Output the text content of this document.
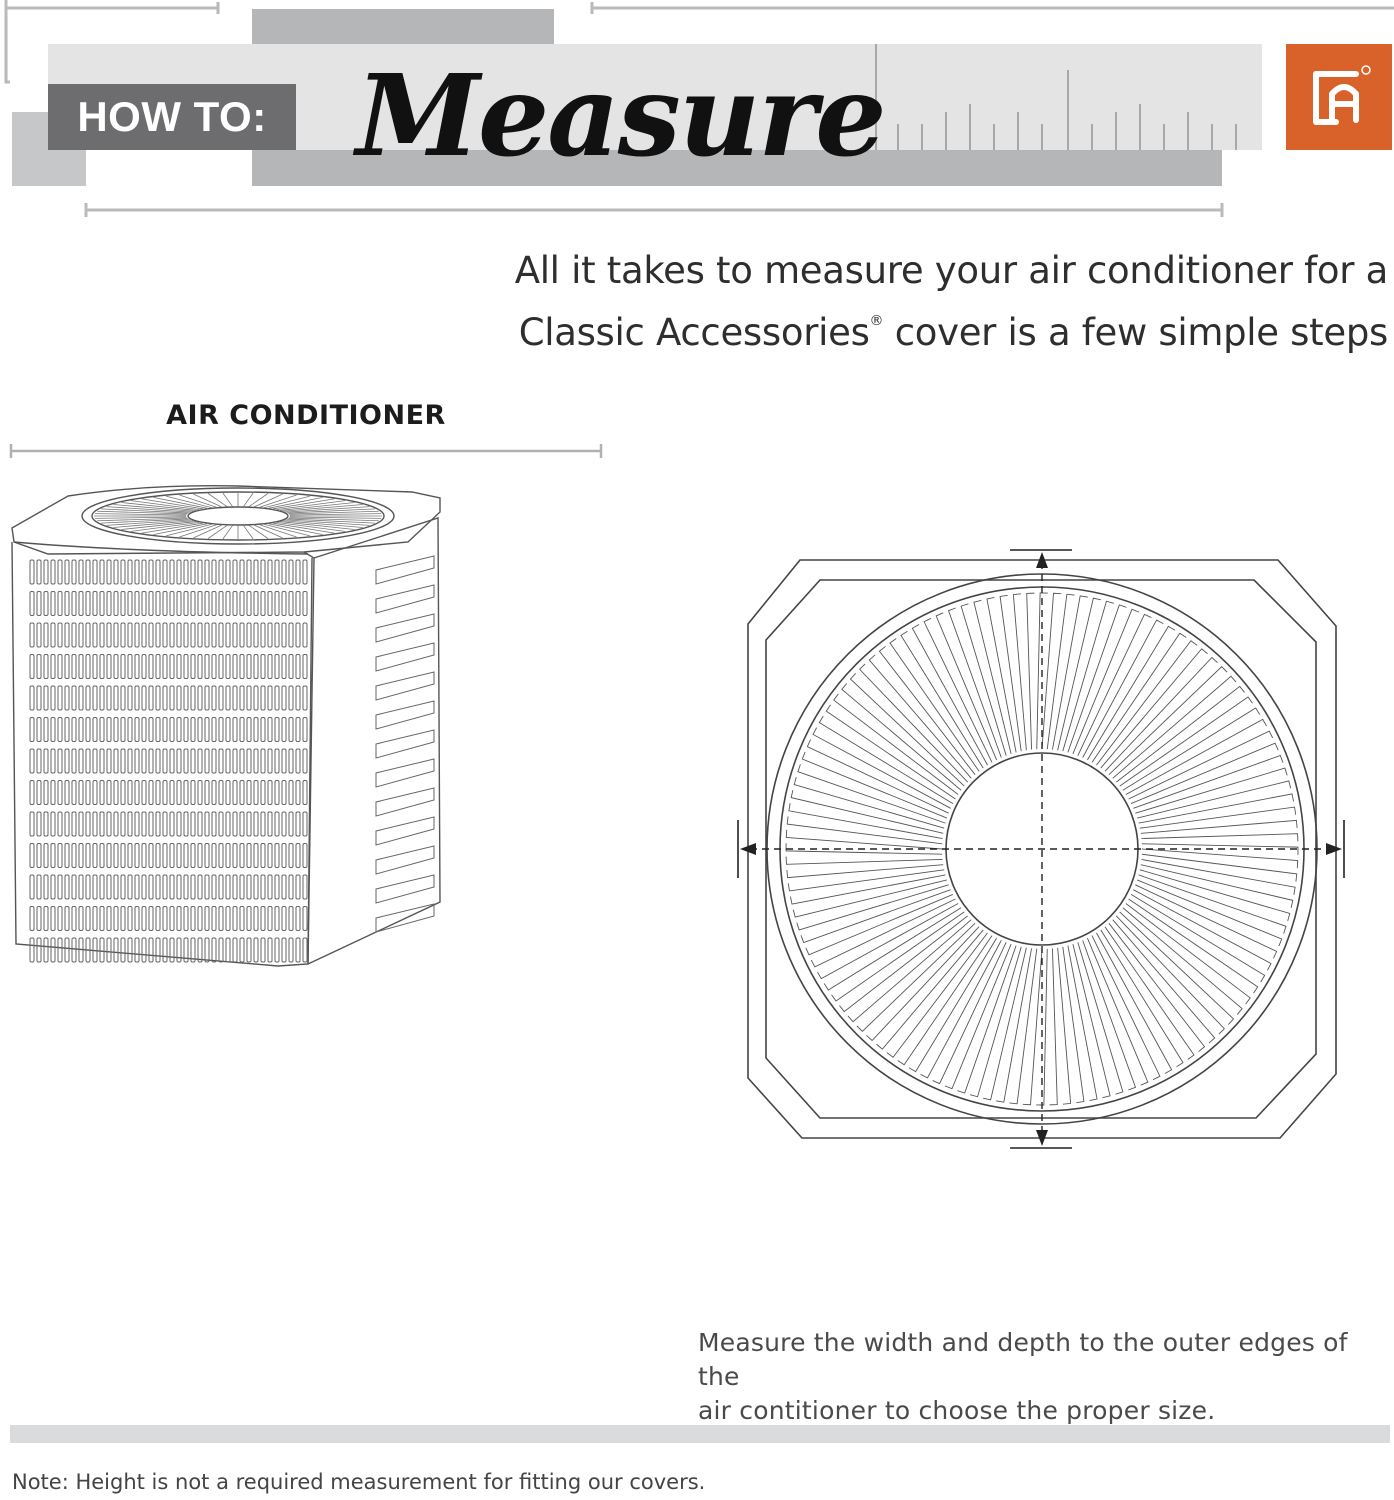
HOW TO: Measure
All it takes to measure your air conditioner for a
Classic Accessories® cover is a few simple steps
AIR CONDITIONER
Measure the width and depth to the outer edges of the
air contitioner to choose the proper size.
Note: Height is not a required measurement for fitting our covers.
